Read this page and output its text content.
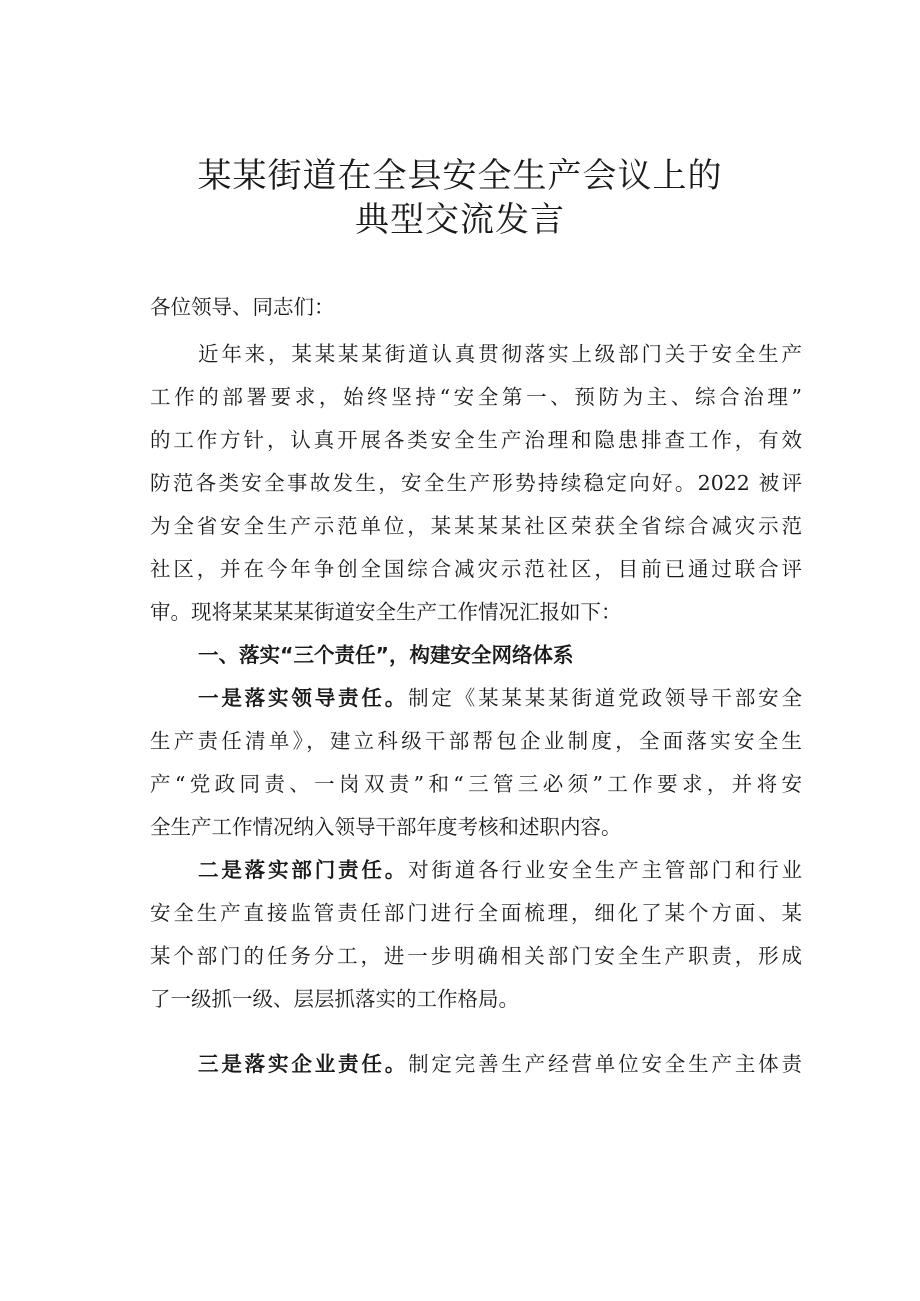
某某街道在全县安全生产会议上的
典型交流发言
各位领导、同志们：
近年来，某某某某街道认真贯彻落实上级部门关于安全生产
工作的部署要求，始终坚持“安全第一、预防为主、综合治理”
的工作方针，认真开展各类安全生产治理和隐患排查工作，有效
防范各类安全事故发生，安全生产形势持续稳定向好。2022 被评
为全省安全生产示范单位，某某某某社区荣获全省综合减灾示范
社区，并在今年争创全国综合减灾示范社区，目前已通过联合评
审。现将某某某某街道安全生产工作情况汇报如下：
一、落实“三个责任”，构建安全网络体系
一是落实领导责任。制定《某某某某街道党政领导干部安全
生产责任清单》，建立科级干部帮包企业制度，全面落实安全生
产“党政同责、一岗双责”和“三管三必须”工作要求，并将安
全生产工作情况纳入领导干部年度考核和述职内容。
二是落实部门责任。对街道各行业安全生产主管部门和行业
安全生产直接监管责任部门进行全面梳理，细化了某个方面、某
某个部门的任务分工，进一步明确相关部门安全生产职责，形成
了一级抓一级、层层抓落实的工作格局。
三是落实企业责任。制定完善生产经营单位安全生产主体责
